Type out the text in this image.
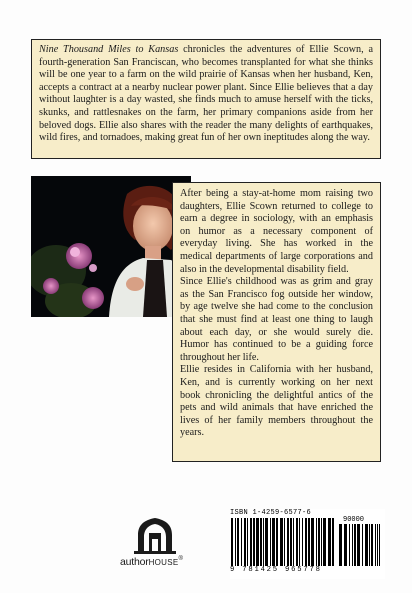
Nine Thousand Miles to Kansas chronicles the adventures of Ellie Scown, a fourth-generation San Franciscan, who becomes transplanted for what she thinks will be one year to a farm on the wild prairie of Kansas when her husband, Ken, accepts a contract at a nearby nuclear power plant. Since Ellie believes that a day without laughter is a day wasted, she finds much to amuse herself with the ticks, skunks, and rattlesnakes on the farm, her primary companions aside from her beloved dogs. Ellie also shares with the reader the many delights of earthquakes, wild fires, and tornadoes, making great fun of her own ineptitudes along the way.

After being a stay-at-home mom raising two daughters, Ellie Scown returned to college to earn a degree in sociology, with an emphasis on humor as a necessary component of everyday living. She has worked in the medical departments of large corporations and also in the developmental disability field.

Since Ellie's childhood was as grim and gray as the San Francisco fog outside her window, by age twelve she had come to the conclusion that she must find at least one thing to laugh about each day, or she would surely die. Humor has continued to be a guiding force throughout her life.

Ellie resides in California with her husband, Ken, and is currently working on her next book chronicling the delightful antics of the pets and wild animals that have enriched the lives of her family members throughout the years.

authorHOUSE®
ISBN 1-4259-6577-6
90000
9 781425 965778
